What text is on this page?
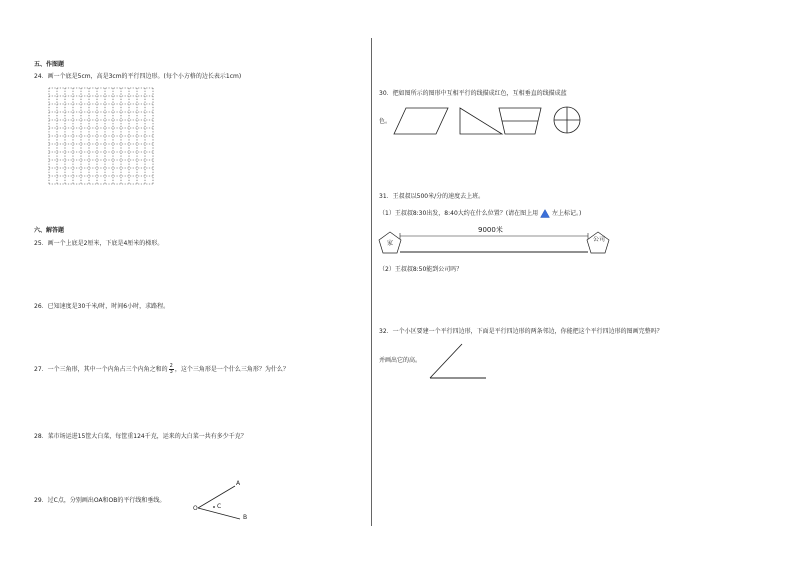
五、作图题
24．画一个底是5cm，高是3cm的平行四边形。(每个小方格的边长表示1cm)
六、解答题
25．画一个上底是2厘米，下底是4厘米的梯形。
26．已知速度是30千米/时，时间6小时，求路程。
27．一个三角形，其中一个内角占三个内角之和的 $\frac{2}{3}$ ，这个三角形是一个什么三角形？为什么？
28．菜市场运进15筐大白菜，每筐重124千克，运来的大白菜一共有多少千克？
29．过C点，分别画出OA和OB的平行线和垂线。
O
A
B
C
30．把如图所示的图形中互相平行的线描成红色，互相垂直的线描成蓝
色。
31．王叔叔以500米/分的速度去上班。
（1）王叔叔8:30出发，8:40大约在什么位置？(请在图上用 左上标记。)
9000米
家
公司
（2）王叔叔8:50能到公司吗？
32．一个小区要建一个平行四边形，下面是平行四边形的两条邻边，你能把这个平行四边形的图画完整吗？
并画出它的高。
